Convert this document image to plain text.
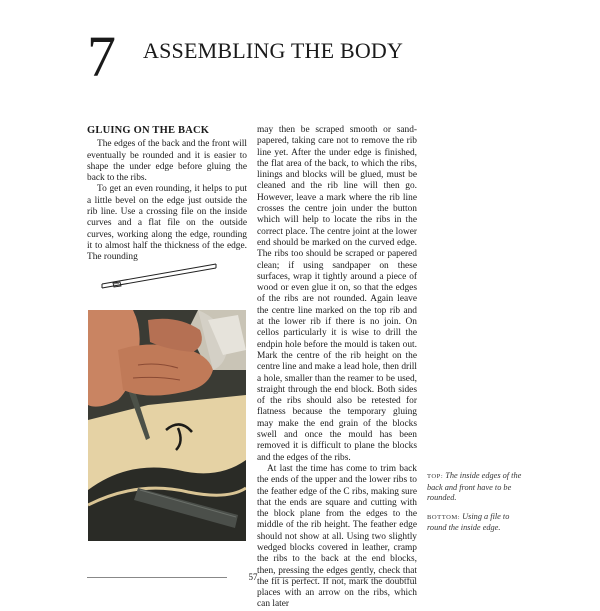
7 ASSEMBLING THE BODY

GLUING ON THE BACK

The edges of the back and the front will eventually be rounded and it is easier to shape the under edge before gluing the back to the ribs.

To get an even rounding, it helps to put a little bevel on the edge just outside the rib line. Use a crossing file on the inside curves and a flat file on the outside curves, working along the edge, rounding it to almost half the thickness of the edge. The rounding

may then be scraped smooth or sand-papered, taking care not to remove the rib line yet. After the under edge is finished, the flat area of the back, to which the ribs, linings and blocks will be glued, must be cleaned and the rib line will then go. However, leave a mark where the rib line crosses the centre join under the button which will help to locate the ribs in the correct place. The centre joint at the lower end should be marked on the curved edge. The ribs too should be scraped or papered clean; if using sandpaper on these surfaces, wrap it tightly around a piece of wood or even glue it on, so that the edges of the ribs are not rounded. Again leave the centre line marked on the top rib and at the lower rib if there is no join. On cellos particularly it is wise to drill the endpin hole before the mould is taken out. Mark the centre of the rib height on the centre line and make a lead hole, then drill a hole, smaller than the reamer to be used, straight through the end block. Both sides of the ribs should also be retested for flatness because the temporary gluing may make the end grain of the blocks swell and once the mould has been removed it is difficult to plane the blocks and the edges of the ribs.

At last the time has come to trim back the ends of the upper and the lower ribs to the feather edge of the C ribs, making sure that the ends are square and cutting with the block plane from the edges to the middle of the rib height. The feather edge should not show at all. Using two slightly wedged blocks covered in leather, cramp the ribs to the back at the end blocks, then, pressing the edges gently, check that the fit is perfect. If not, mark the doubtful places with an arrow on the ribs, which can later

TOP: The inside edges of the back and front have to be rounded.

BOTTOM: Using a file to round the inside edge.

57
